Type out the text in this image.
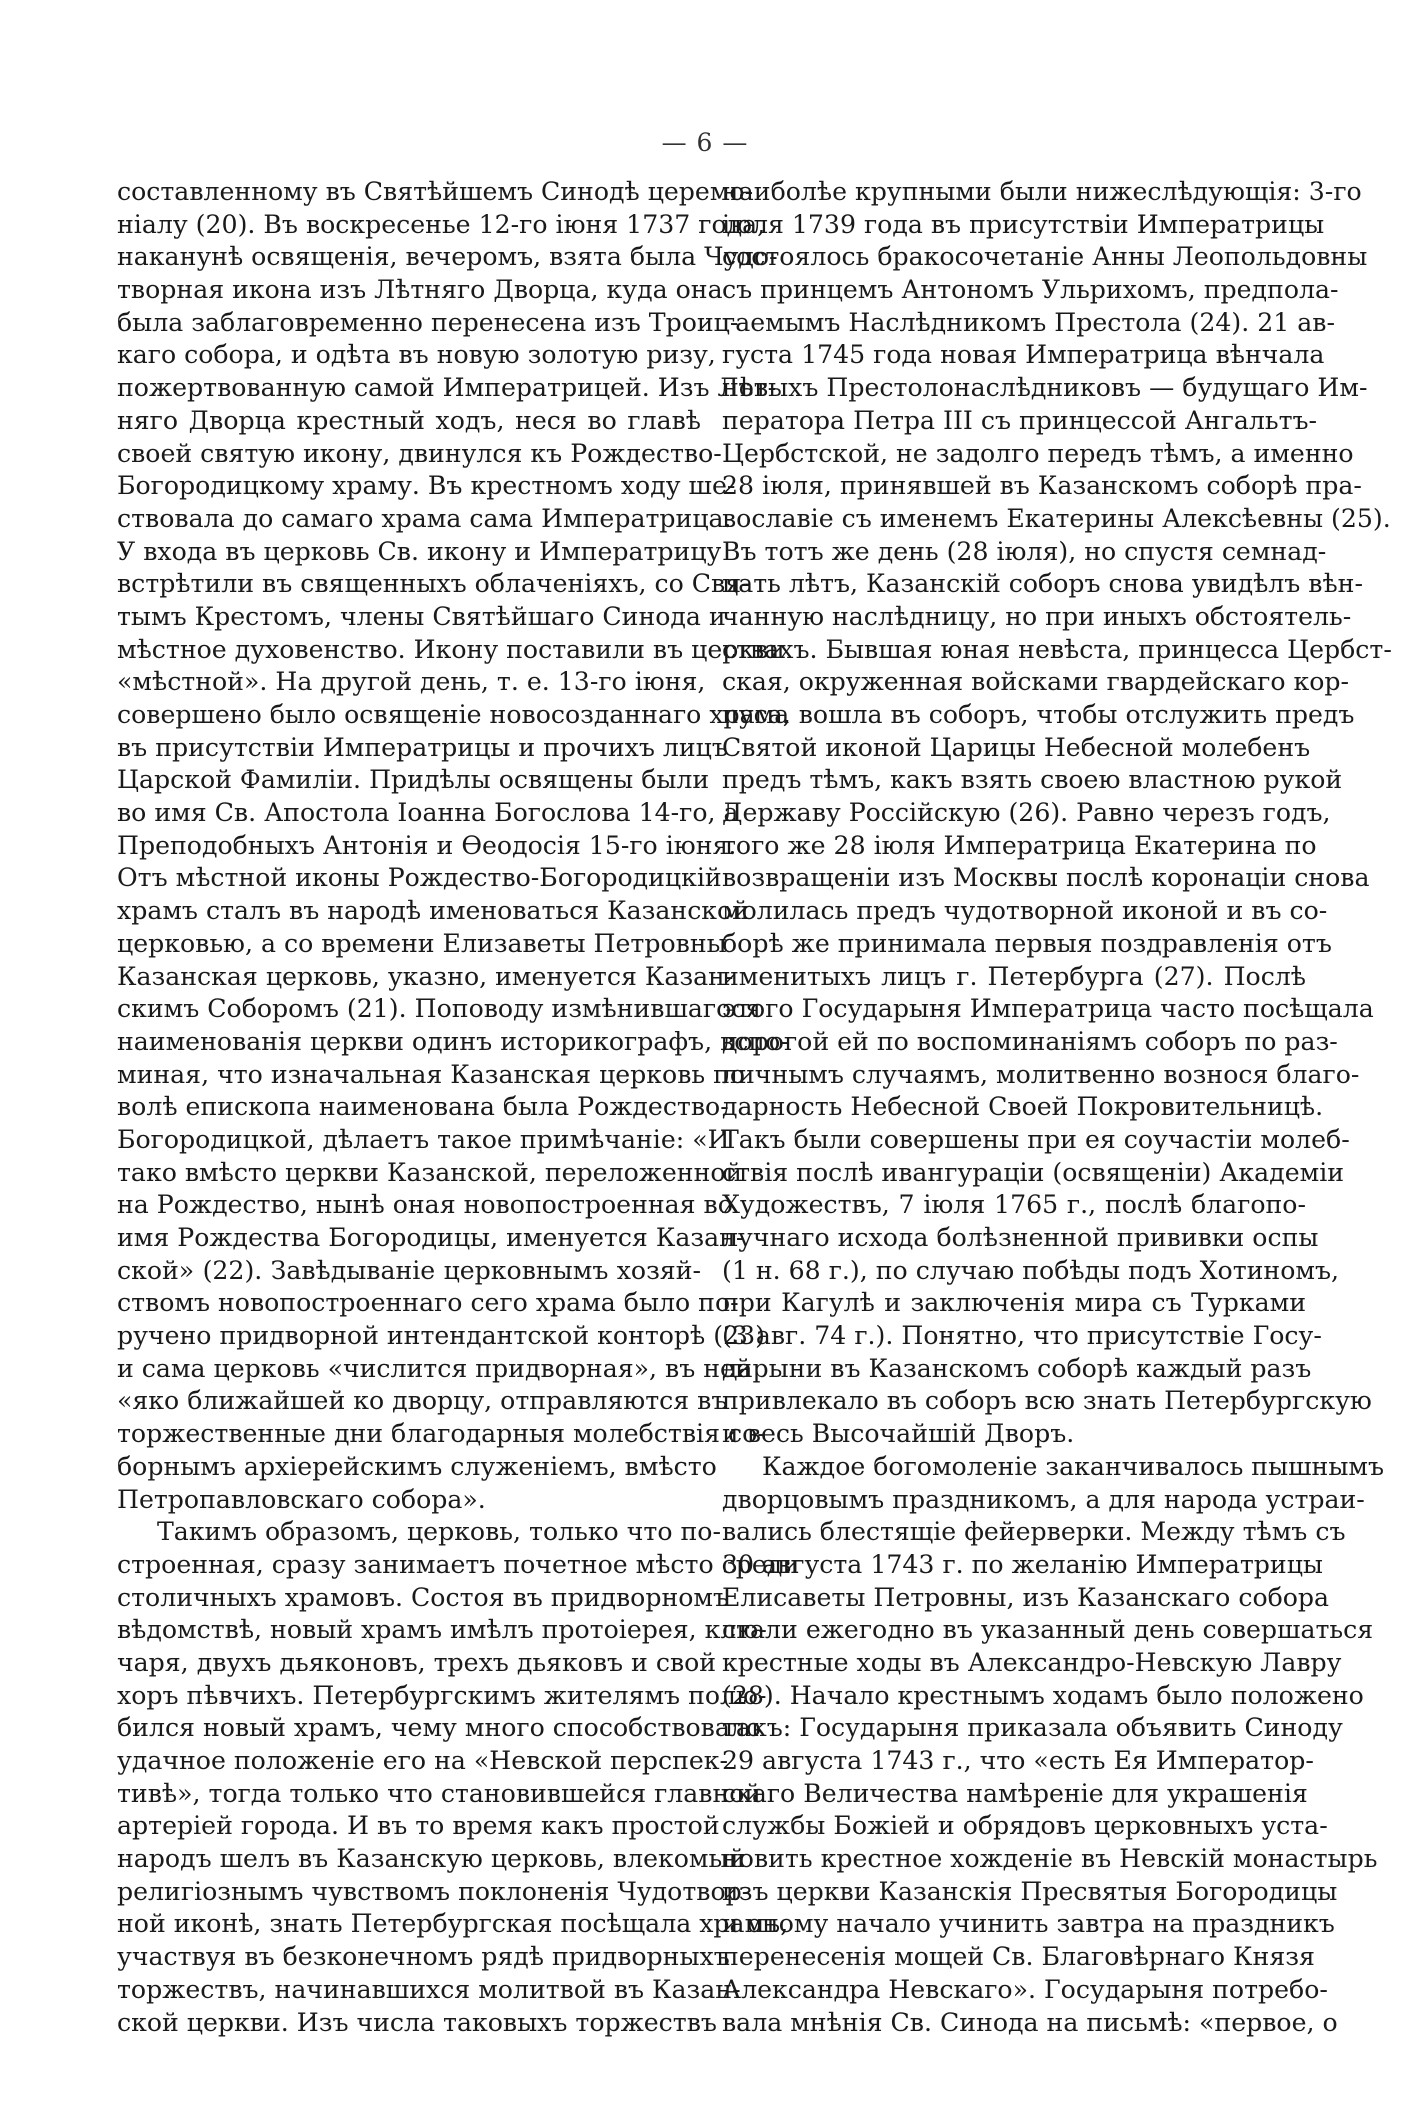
— 6 —
составленному въ Святѣйшемъ Синодѣ церемо-
ніалу (20). Въ воскресенье 12-го іюня 1737 года,
наканунѣ освященія, вечеромъ, взята была Чудо-
творная икона изъ Лѣтняго Дворца, куда она
была заблаговременно перенесена изъ Троиц-
каго собора, и одѣта въ новую золотую ризу,
пожертвованную самой Императрицей. Изъ Лѣт-
няго Дворца крестный ходъ, неся во главѣ
своей святую икону, двинулся къ Рождество-
Богородицкому храму. Въ крестномъ ходу ше-
ствовала до самаго храма сама Императрица.
У входа въ церковь Св. икону и Императрицу
встрѣтили въ священныхъ облаченіяхъ, со Свя-
тымъ Крестомъ, члены Святѣйшаго Синода и
мѣстное духовенство. Икону поставили въ церкви
«мѣстной». На другой день, т. е. 13-го іюня,
совершено было освященіе новосозданнаго храма
въ присутствіи Императрицы и прочихъ лицъ
Царской Фамиліи. Придѣлы освящены были
во имя Св. Апостола Іоанна Богослова 14-го, а
Преподобныхъ Антонія и Ѳеодосія 15-го іюня.
Отъ мѣстной иконы Рождество-Богородицкій
храмъ сталъ въ народѣ именоваться Казанской
церковью, а со времени Елизаветы Петровны
Казанская церковь, указно, именуется Казан-
скимъ Соборомъ (21). Поповоду измѣнившагося
наименованія церкви одинъ историкографъ, вспо-
миная, что изначальная Казанская церковь по
волѣ епископа наименована была Рождество-
Богородицкой, дѣлаетъ такое примѣчаніе: «И
тако вмѣсто церкви Казанской, переложенной
на Рождество, нынѣ оная новопостроенная во
имя Рождества Богородицы, именуется Казан-
ской» (22). Завѣдываніе церковнымъ хозяй-
ствомъ новопостроеннаго сего храма было по-
ручено придворной интендантской конторѣ (23)
и сама церковь «числится придворная», въ ней
«яко ближайшей ко дворцу, отправляются въ
торжественные дни благодарныя молебствія со-
борнымъ архіерейскимъ служеніемъ, вмѣсто
Петропавловскаго собора».
Такимъ образомъ, церковь, только что по-
строенная, сразу занимаетъ почетное мѣсто среди
столичныхъ храмовъ. Состоя въ придворномъ
вѣдомствѣ, новый храмъ имѣлъ протоіерея, клю-
чаря, двухъ дьяконовъ, трехъ дьяковъ и свой
хоръ пѣвчихъ. Петербургскимъ жителямъ полю-
бился новый храмъ, чему много способствовало
удачное положеніе его на «Невской перспек-
тивѣ», тогда только что становившейся главной
артеріей города. И въ то время какъ простой
народъ шелъ въ Казанскую церковь, влекомый
религіознымъ чувствомъ поклоненія Чудотвор-
ной иконѣ, знать Петербургская посѣщала храмъ,
участвуя въ безконечномъ рядѣ придворныхъ
торжествъ, начинавшихся молитвой въ Казан-
ской церкви. Изъ числа таковыхъ торжествъ
наиболѣе крупными были нижеслѣдующія: 3-го
іюля 1739 года въ присутствіи Императрицы
состоялось бракосочетаніе Анны Леопольдовны
съ принцемъ Антономъ Ульрихомъ, предпола-
гаемымъ Наслѣдникомъ Престола (24). 21 ав-
густа 1745 года новая Императрица вѣнчала
новыхъ Престолонаслѣдниковъ — будущаго Им-
ператора Петра III съ принцессой Ангальтъ-
Цербстской, не задолго передъ тѣмъ, а именно
28 іюля, принявшей въ Казанскомъ соборѣ пра-
вославіе съ именемъ Екатерины Алексѣевны (25).
Въ тотъ же день (28 іюля), но спустя семнад-
цать лѣтъ, Казанскій соборъ снова увидѣлъ вѣн-
чанную наслѣдницу, но при иныхъ обстоятель-
ствахъ. Бывшая юная невѣста, принцесса Цербст-
ская, окруженная войсками гвардейскаго кор-
пуса, вошла въ соборъ, чтобы отслужить предъ
Святой иконой Царицы Небесной молебенъ
предъ тѣмъ, какъ взять своею властною рукой
Державу Россійскую (26). Равно черезъ годъ,
того же 28 іюля Императрица Екатерина по
возвращеніи изъ Москвы послѣ коронаціи снова
молилась предъ чудотворной иконой и въ со-
борѣ же принимала первыя поздравленія отъ
именитыхъ лицъ г. Петербурга (27). Послѣ
этого Государыня Императрица часто посѣщала
дорогой ей по воспоминаніямъ соборъ по раз-
личнымъ случаямъ, молитвенно вознося благо-
дарность Небесной Своей Покровительницѣ.
Такъ были совершены при ея соучастіи молеб-
ствія послѣ ивангураціи (освященіи) Академіи
Художествъ, 7 іюля 1765 г., послѣ благопо-
лучнаго исхода болѣзненной прививки оспы
(1 н. 68 г.), по случаю побѣды подъ Хотиномъ,
при Кагулѣ и заключенія мира съ Турками
(3 авг. 74 г.). Понятно, что присутствіе Госу-
дарыни въ Казанскомъ соборѣ каждый разъ
привлекало въ соборъ всю знать Петербургскую
и весь Высочайшій Дворъ.
Каждое богомоленіе заканчивалось пышнымъ
дворцовымъ праздникомъ, а для народа устраи-
вались блестящіе фейерверки. Между тѣмъ съ
30 августа 1743 г. по желанію Императрицы
Елисаветы Петровны, изъ Казанскаго собора
стали ежегодно въ указанный день совершаться
крестные ходы въ Александро-Невскую Лавру
(28). Начало крестнымъ ходамъ было положено
такъ: Государыня приказала объявить Синоду
29 августа 1743 г., что «есть Ея Император-
скаго Величества намѣреніе для украшенія
службы Божіей и обрядовъ церковныхъ уста-
новить крестное хожденіе въ Невскій монастырь
изъ церкви Казанскія Пресвятыя Богородицы
и оному начало учинить завтра на праздникъ
перенесенія мощей Св. Благовѣрнаго Князя
Александра Невскаго». Государыня потребо-
вала мнѣнія Св. Синода на письмѣ: «первое, о
